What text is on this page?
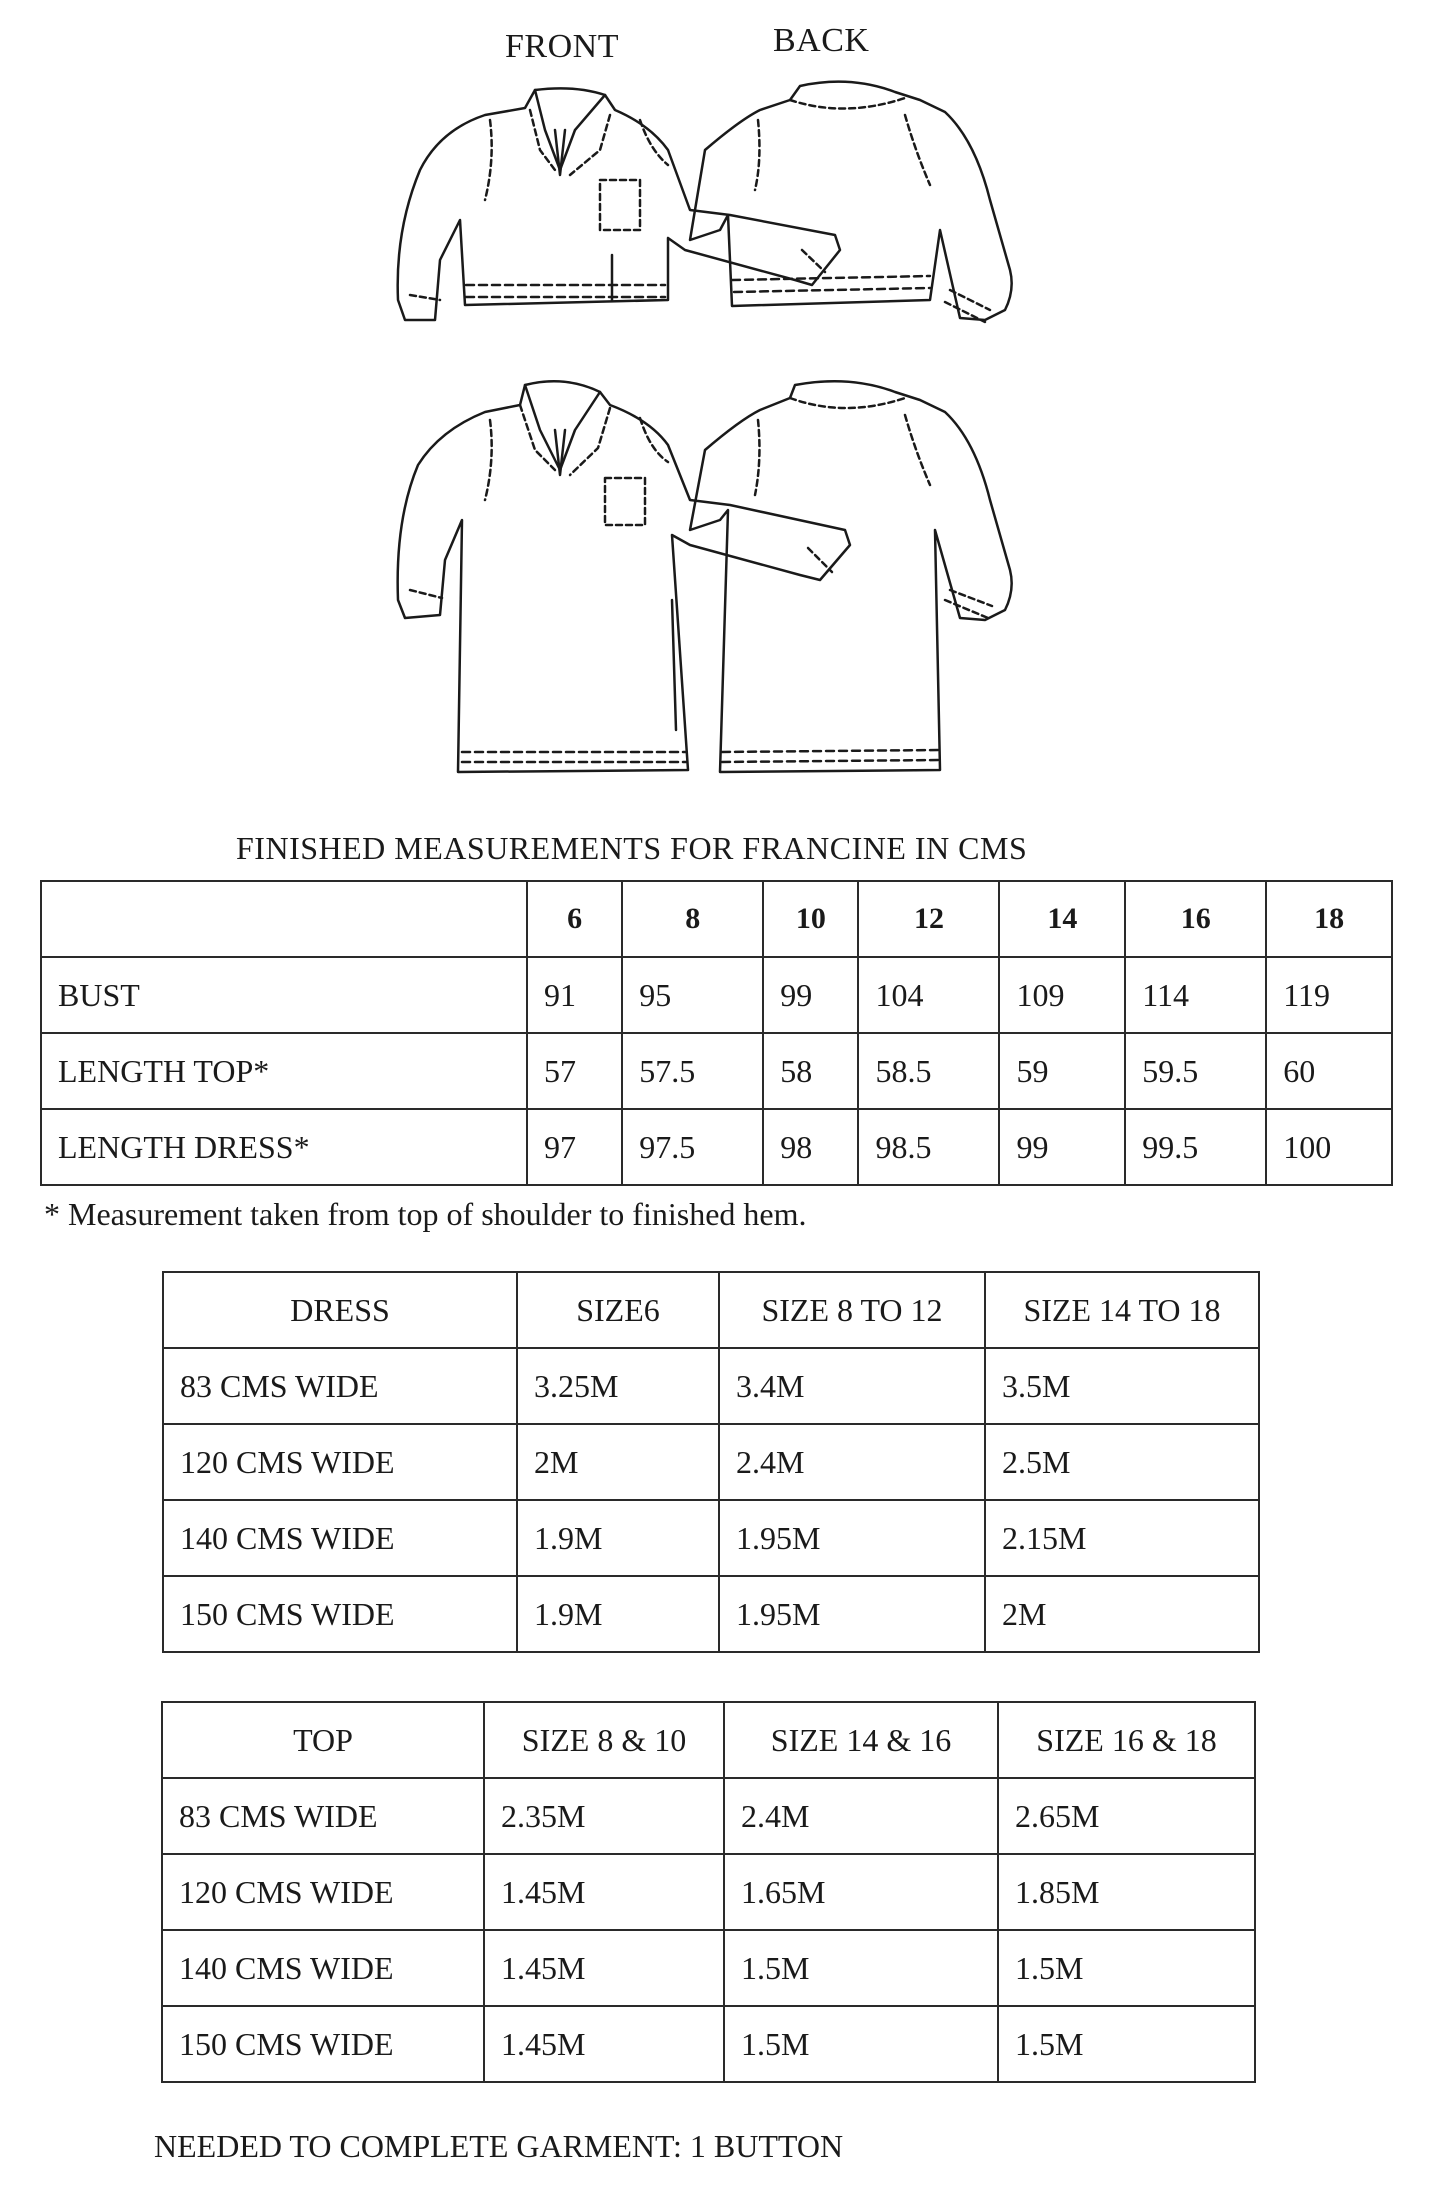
FRONT	BACK
FINISHED MEASUREMENTS FOR FRANCINE IN CMS
	6	8	10	12	14	16	18
BUST	91	95	99	104	109	114	119
LENGTH TOP*	57	57.5	58	58.5	59	59.5	60
LENGTH DRESS*	97	97.5	98	98.5	99	99.5	100
* Measurement taken from top of shoulder to finished hem.
DRESS	SIZE6	SIZE 8 TO 12	SIZE 14 TO 18
83 CMS WIDE	3.25M	3.4M	3.5M
120 CMS WIDE	2M	2.4M	2.5M
140 CMS WIDE	1.9M	1.95M	2.15M
150 CMS WIDE	1.9M	1.95M	2M
TOP	SIZE 8 & 10	SIZE 14 & 16	SIZE 16 & 18
83 CMS WIDE	2.35M	2.4M	2.65M
120 CMS WIDE	1.45M	1.65M	1.85M
140 CMS WIDE	1.45M	1.5M	1.5M
150 CMS WIDE	1.45M	1.5M	1.5M
NEEDED TO COMPLETE GARMENT: 1 BUTTON
